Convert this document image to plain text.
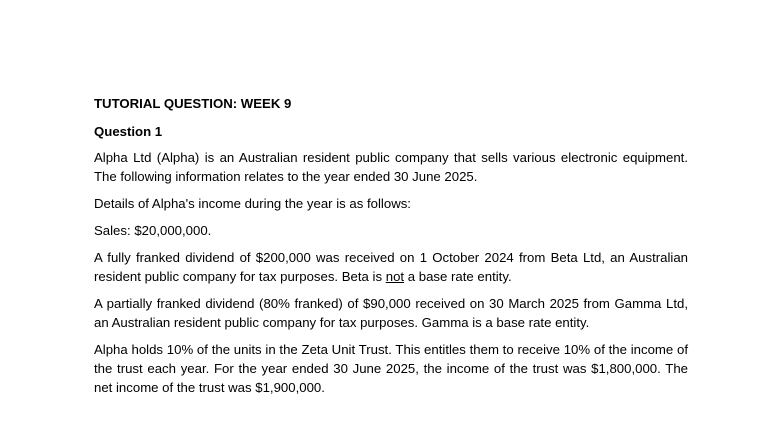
TUTORIAL QUESTION: WEEK 9
Question 1

Alpha Ltd (Alpha) is an Australian resident public company that sells various electronic equipment. The following information relates to the year ended 30 June 2025.

Details of Alpha's income during the year is as follows:

Sales: $20,000,000.

A fully franked dividend of $200,000 was received on 1 October 2024 from Beta Ltd, an Australian resident public company for tax purposes. Beta is not a base rate entity.

A partially franked dividend (80% franked) of $90,000 received on 30 March 2025 from Gamma Ltd, an Australian resident public company for tax purposes. Gamma is a base rate entity.

Alpha holds 10% of the units in the Zeta Unit Trust. This entitles them to receive 10% of the income of the trust each year. For the year ended 30 June 2025, the income of the trust was $1,800,000. The net income of the trust was $1,900,000.
